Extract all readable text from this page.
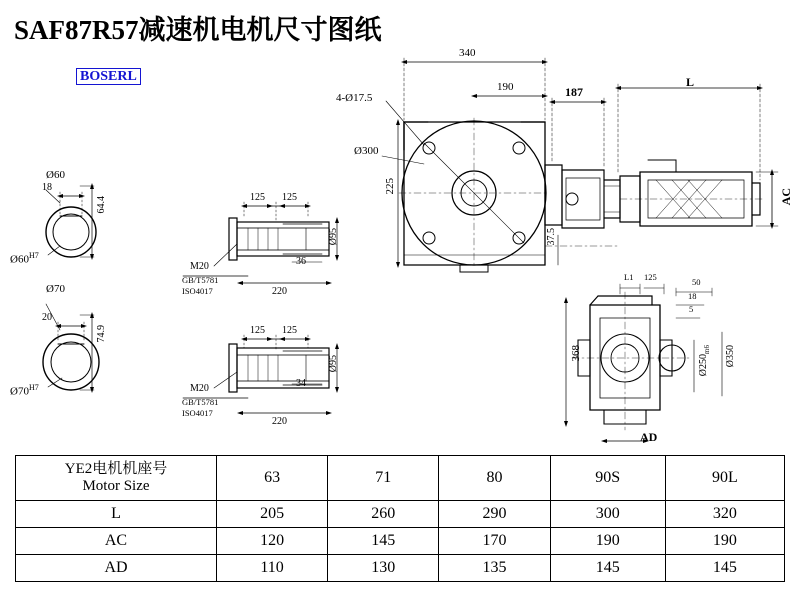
SAF87R57减速机电机尺寸图纸
BOSERL
Ø60
$Ø60^{H7}$
18
64.4
Ø70
$Ø70^{H7}$
20
74.9
125 125
M20
GB/T5781
ISO4017
36
220
Ø95
125 125
M20
GB/T5781
ISO4017
34
220
Ø95
340
190
4-Ø17.5
Ø300
225
37.5
187
L
AC
L1 125	50
18
5
368
$Ø250_{m6}$ Ø350
AD
YE2电机机座号
Motor Size	63	71	80	90S	90L
L	205	260	290	300	320
AC	120	145	170	190	190
AD	110	130	135	145	145
